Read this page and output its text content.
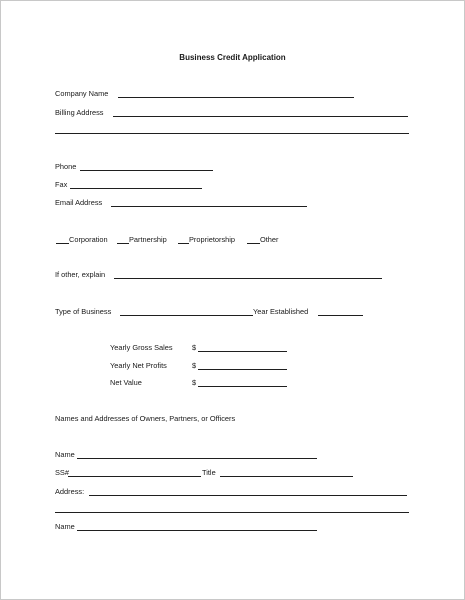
Business Credit Application
Company Name
Billing Address
Phone
Fax
Email Address
Corporation	Partnership	Proprietorship	Other
If other, explain
Type of Business	Year Established
Yearly Gross Sales	$
Yearly Net Profits	$
Net Value	$
Names and Addresses of Owners, Partners, or Officers
Name
SS#	Title
Address:
Name
